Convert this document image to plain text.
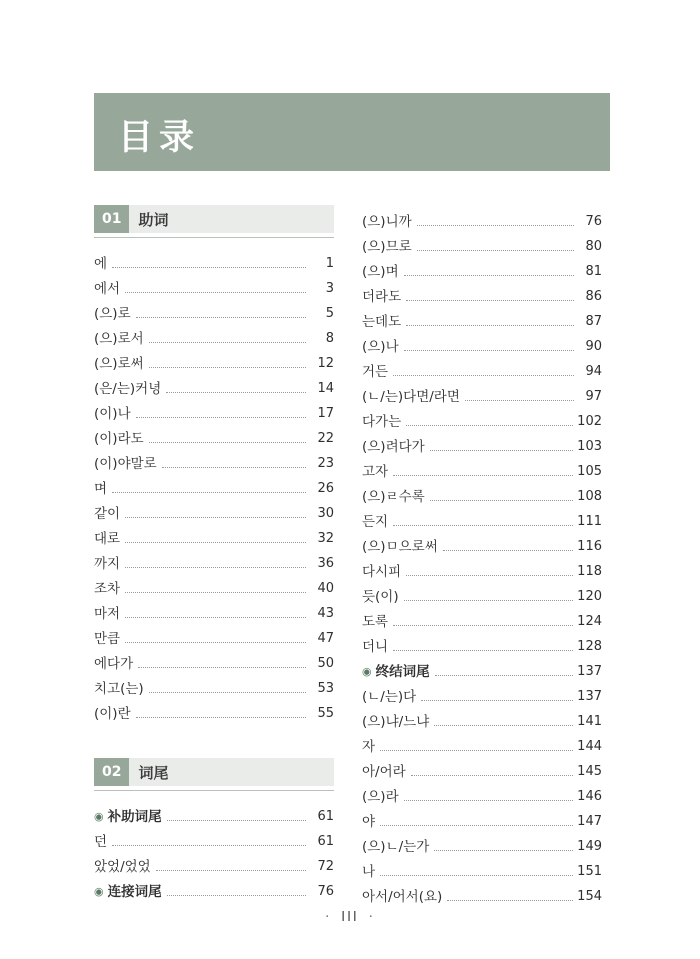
目录
01	助词
에	1
에서	3
(으)로	5
(으)로서	8
(으)로써	12
(은/는)커녕	14
(이)나	17
(이)라도	22
(이)야말로	23
며	26
같이	30
대로	32
까지	36
조차	40
마저	43
만큼	47
에다가	50
치고(는)	53
(이)란	55
02	词尾
◉ 补助词尾	61
던	61
았었/었었	72
◉ 连接词尾	76
(으)니까	76
(으)므로	80
(으)며	81
더라도	86
는데도	87
(으)나	90
거든	94
(ㄴ/는)다면/라면	97
다가는	102
(으)려다가	103
고자	105
(으)ㄹ수록	108
든지	111
(으)ㅁ으로써	116
다시피	118
듯(이)	120
도록	124
더니	128
◉ 终结词尾	137
(ㄴ/는)다	137
(으)냐/느냐	141
자	144
아/어라	145
(으)라	146
야	147
(으)ㄴ/는가	149
나	151
아서/어서(요)	154
· III ·
